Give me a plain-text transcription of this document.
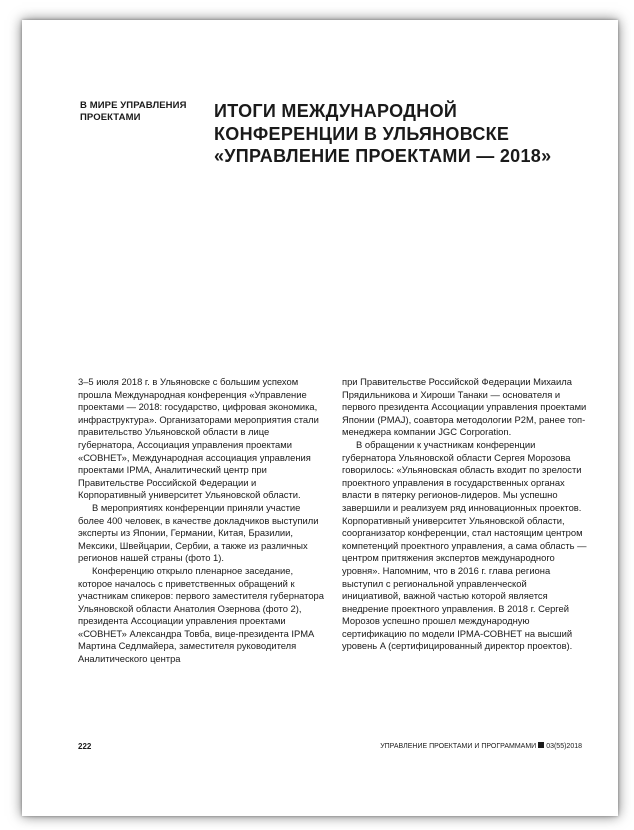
В МИРЕ УПРАВЛЕНИЯ ПРОЕКТАМИ	ИТОГИ МЕЖДУНАРОДНОЙ КОНФЕРЕНЦИИ В УЛЬЯНОВСКЕ «УПРАВЛЕНИЕ ПРОЕКТАМИ — 2018»

3–5 июля 2018 г. в Ульяновске с большим успехом прошла Международная конференция «Управление проектами — 2018: государство, цифровая экономика, инфраструктура». Организаторами мероприятия стали правительство Ульяновской области в лице губернатора, Ассоциация управления проектами «СОВНЕТ», Международная ассоциация управления проектами IPMA, Аналитический центр при Правительстве Российской Федерации и Корпоративный университет Ульяновской области.

В мероприятиях конференции приняли участие более 400 человек, в качестве докладчиков выступили эксперты из Японии, Германии, Китая, Бразилии, Мексики, Швейцарии, Сербии, а также из различных регионов нашей страны (фото 1).

Конференцию открыло пленарное заседание, которое началось с приветственных обращений к участникам спикеров: первого заместителя губернатора Ульяновской области Анатолия Озернова (фото 2), президента Ассоциации управления проектами «СОВНЕТ» Александра Товба, вице-президента IPMA Мартина Седлмайера, заместителя руководителя Аналитического центра

при Правительстве Российской Федерации Михаила Прядильникова и Хироши Танаки — основателя и первого президента Ассоциации управления проектами Японии (PMAJ), соавтора методологии P2M, ранее топ-менеджера компании JGC Corporation.

В обращении к участникам конференции губернатора Ульяновской области Сергея Морозова говорилось: «Ульяновская область входит по зрелости проектного управления в государственных органах власти в пятерку регионов-лидеров. Мы успешно завершили и реализуем ряд инновационных проектов. Корпоративный университет Ульяновской области, соорганизатор конференции, стал настоящим центром компетенций проектного управления, а сама область — центром притяжения экспертов международного уровня». Напомним, что в 2016 г. глава региона выступил с региональной управленческой инициативой, важной частью которой является внедрение проектного управления. В 2018 г. Сергей Морозов успешно прошел международную сертификацию по модели IPMA-СОВНЕТ на высший уровень A (сертифицированный директор проектов).

222	УПРАВЛЕНИЕ ПРОЕКТАМИ И ПРОГРАММАМИ 03(55)2018
